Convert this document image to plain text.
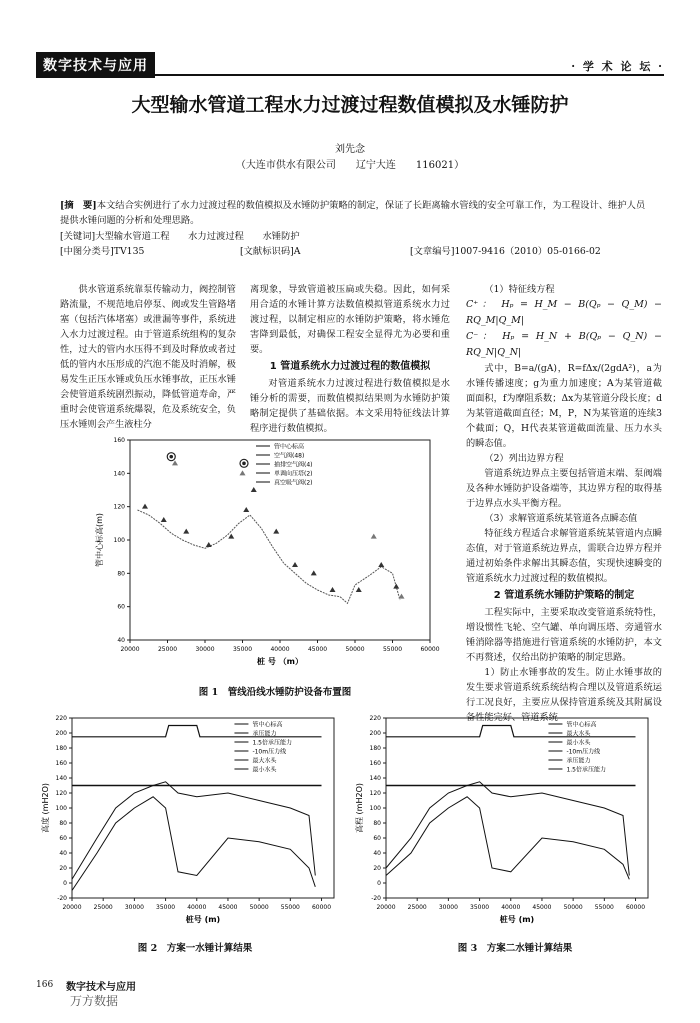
数字技术与应用	· 学 术 论 坛 ·
大型输水管道工程水力过渡过程数值模拟及水锤防护
刘先念
（大连市供水有限公司　　辽宁大连　　116021）

[摘　要]本文结合实例进行了水力过渡过程的数值模拟及水锤防护策略的制定，保证了长距离输水管线的安全可靠工作，为工程设计、维护人员提供水锤问题的分析和处理思路。

[关键词] 大型输水管道工程　　水力过渡过程　　水锤防护
[中图分类号]TV135	[文献标识码]A	[文章编号]1007-9416（2010）05-0166-02

供水管道系统靠泵传输动力，阀控制管路流量，不规范地启停泵、阀或发生管路堵塞（包括汽体堵塞）或泄漏等事件，系统进入水力过渡过程。由于管道系统组构的复杂性，过大的管内水压得不到及时释放或者过低的管内水压形成的汽泡不能及时消解，极易发生正压水锤或负压水锤事故，正压水锤会使管道系统剧烈振动，降低管道寿命，严重时会使管道系统爆裂，危及系统安全，负压水锤则会产生液柱分

离现象，导致管道被压扁或失稳。因此，如何采用合适的水锤计算方法数值模拟管道系统水力过渡过程，以制定相应的水锤防护策略，将水锤危害降到最低，对确保工程安全显得尤为必要和重要。

1 管道系统水力过渡过程的数值模拟

对管道系统水力过渡过程进行数值模拟是水锤分析的需要，而数值模拟结果则为水锤防护策略制定提供了基础依据。本文采用特征线法计算程序进行数值模拟。

（1）特征线方程

C⁺： Hₚ = H_M − B(Qₚ − Q_M) − RQ_M|Q_M|
C⁻： Hₚ = H_N + B(Qₚ − Q_N) − RQ_N|Q_N|

式中，B=a/(gA)，R=fΔx/(2gdA²)，a为水锤传播速度；g为重力加速度；A为某管道截面面积，f为摩阻系数；Δx为某管道分段长度；d为某管道截面直径；M，P，N为某管道的连续3个截面；Q，H代表某管道截面流量、压力水头的瞬态值。

（2）列出边界方程

管道系统边界点主要包括管道末端、泵阀端及各种水锤防护设备端等，其边界方程的取得基于边界点水头平衡方程。

（3）求解管道系统某管道各点瞬态值

特征线方程适合求解管道系统某管道内点瞬态值，对于管道系统边界点，需联合边界方程并通过初始条件求解出其瞬态值，实现快速瞬变的管道系统水力过渡过程的数值模拟。

2 管道系统水锤防护策略的制定

工程实际中，主要采取改变管道系统特性，增设惯性飞轮、空气罐、单向调压塔、旁通管水锤消除器等措施进行管道系统的水锤防护，本文不再赘述，仅给出防护策略的制定思路。

1）防止水锤事故的发生。防止水锤事故的发生要求管道系统系统结构合理以及管道系统运行工况良好，主要应从保持管道系统及其附属设备性能完好、管道系统

20000	25000	30000	35000	40000	45000	50000	55000	60000
40
60
80
100
120
140
160
桩 号 （m）
管中心标高(m)
管中心标高
空气阀(48)
抽排空气阀(4)
单调向压塔(2)
真空吸气阀(2)
图 1　管线沿线水锤防护设备布置图
20000 25000 30000 35000 40000 45000 50000 55000 60000
-20
0
20
40
60
80
100
120
140
160
180
200
220
桩号 (m)
高度 (mH2O)
管中心标高
承压能力
1.5倍承压能力
-10m压力线
最大水头
最小水头
图 2　方案一水锤计算结果
20000 25000 30000 35000 40000 45000 50000 55000 60000
-20
0
20
40
60
80
100
120
140
160
180
200
220
桩号 (m)
高程 (mH2O)
管中心标高
最大水头
最小水头
-10m压力线
承压能力
1.5倍承压能力
图 3　方案二水锤计算结果
166 数字技术与应用
万方数据
